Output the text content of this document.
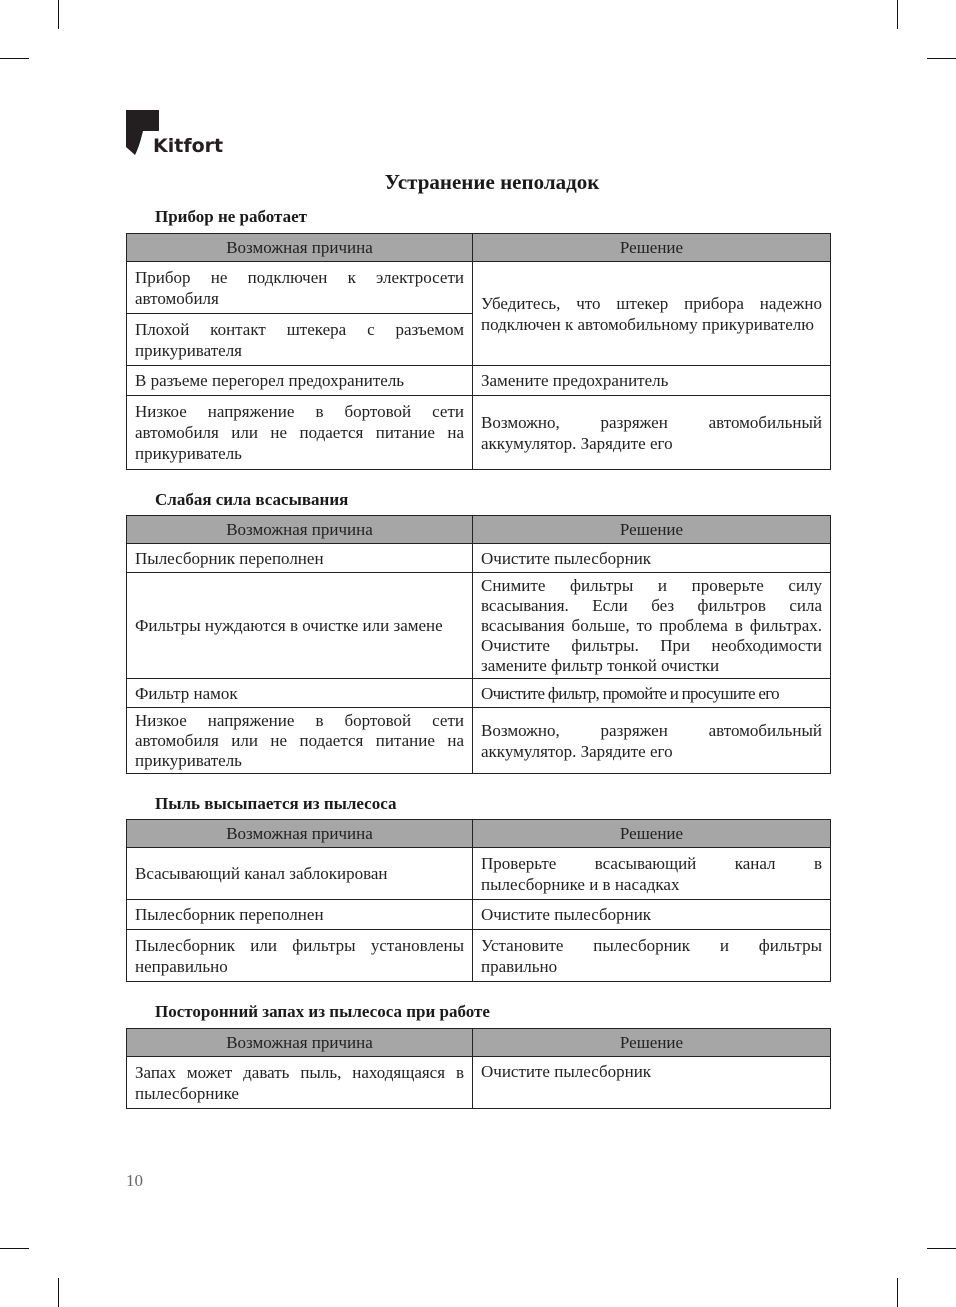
Kitfort
Устранение неполадок
Прибор не работает
Возможная причина	Решение
Прибор не подключен к электросети автомобиля	Убедитесь, что штекер прибора надежно подключен к автомобильному прикуривателю
Плохой контакт штекера с разъемом прикуривателя	
В разъеме перегорел предохранитель	Замените предохранитель
Низкое напряжение в бортовой сети автомобиля или не подается питание на прикуриватель	Возможно, разряжен автомобильный аккумулятор. Зарядите его
Слабая сила всасывания
Возможная причина	Решение
Пылесборник переполнен	Очистите пылесборник
Фильтры нуждаются в очистке или замене	Снимите фильтры и проверьте силу всасывания. Если без фильтров сила всасывания больше, то проблема в фильтрах. Очистите фильтры. При необходимости замените фильтр тонкой очистки
Фильтр намок	Очистите фильтр, промойте и просушите его
Низкое напряжение в бортовой сети автомобиля или не подается питание на прикуриватель	Возможно, разряжен автомобильный аккумулятор. Зарядите его
Пыль высыпается из пылесоса
Возможная причина	Решение
Всасывающий канал заблокирован	Проверьте всасывающий канал в пылесборнике и в насадках
Пылесборник переполнен	Очистите пылесборник
Пылесборник или фильтры установлены неправильно	Установите пылесборник и фильтры правильно
Посторонний запах из пылесоса при работе
Возможная причина	Решение
Запах может давать пыль, находящаяся в пылесборнике	Очистите пылесборник
10
